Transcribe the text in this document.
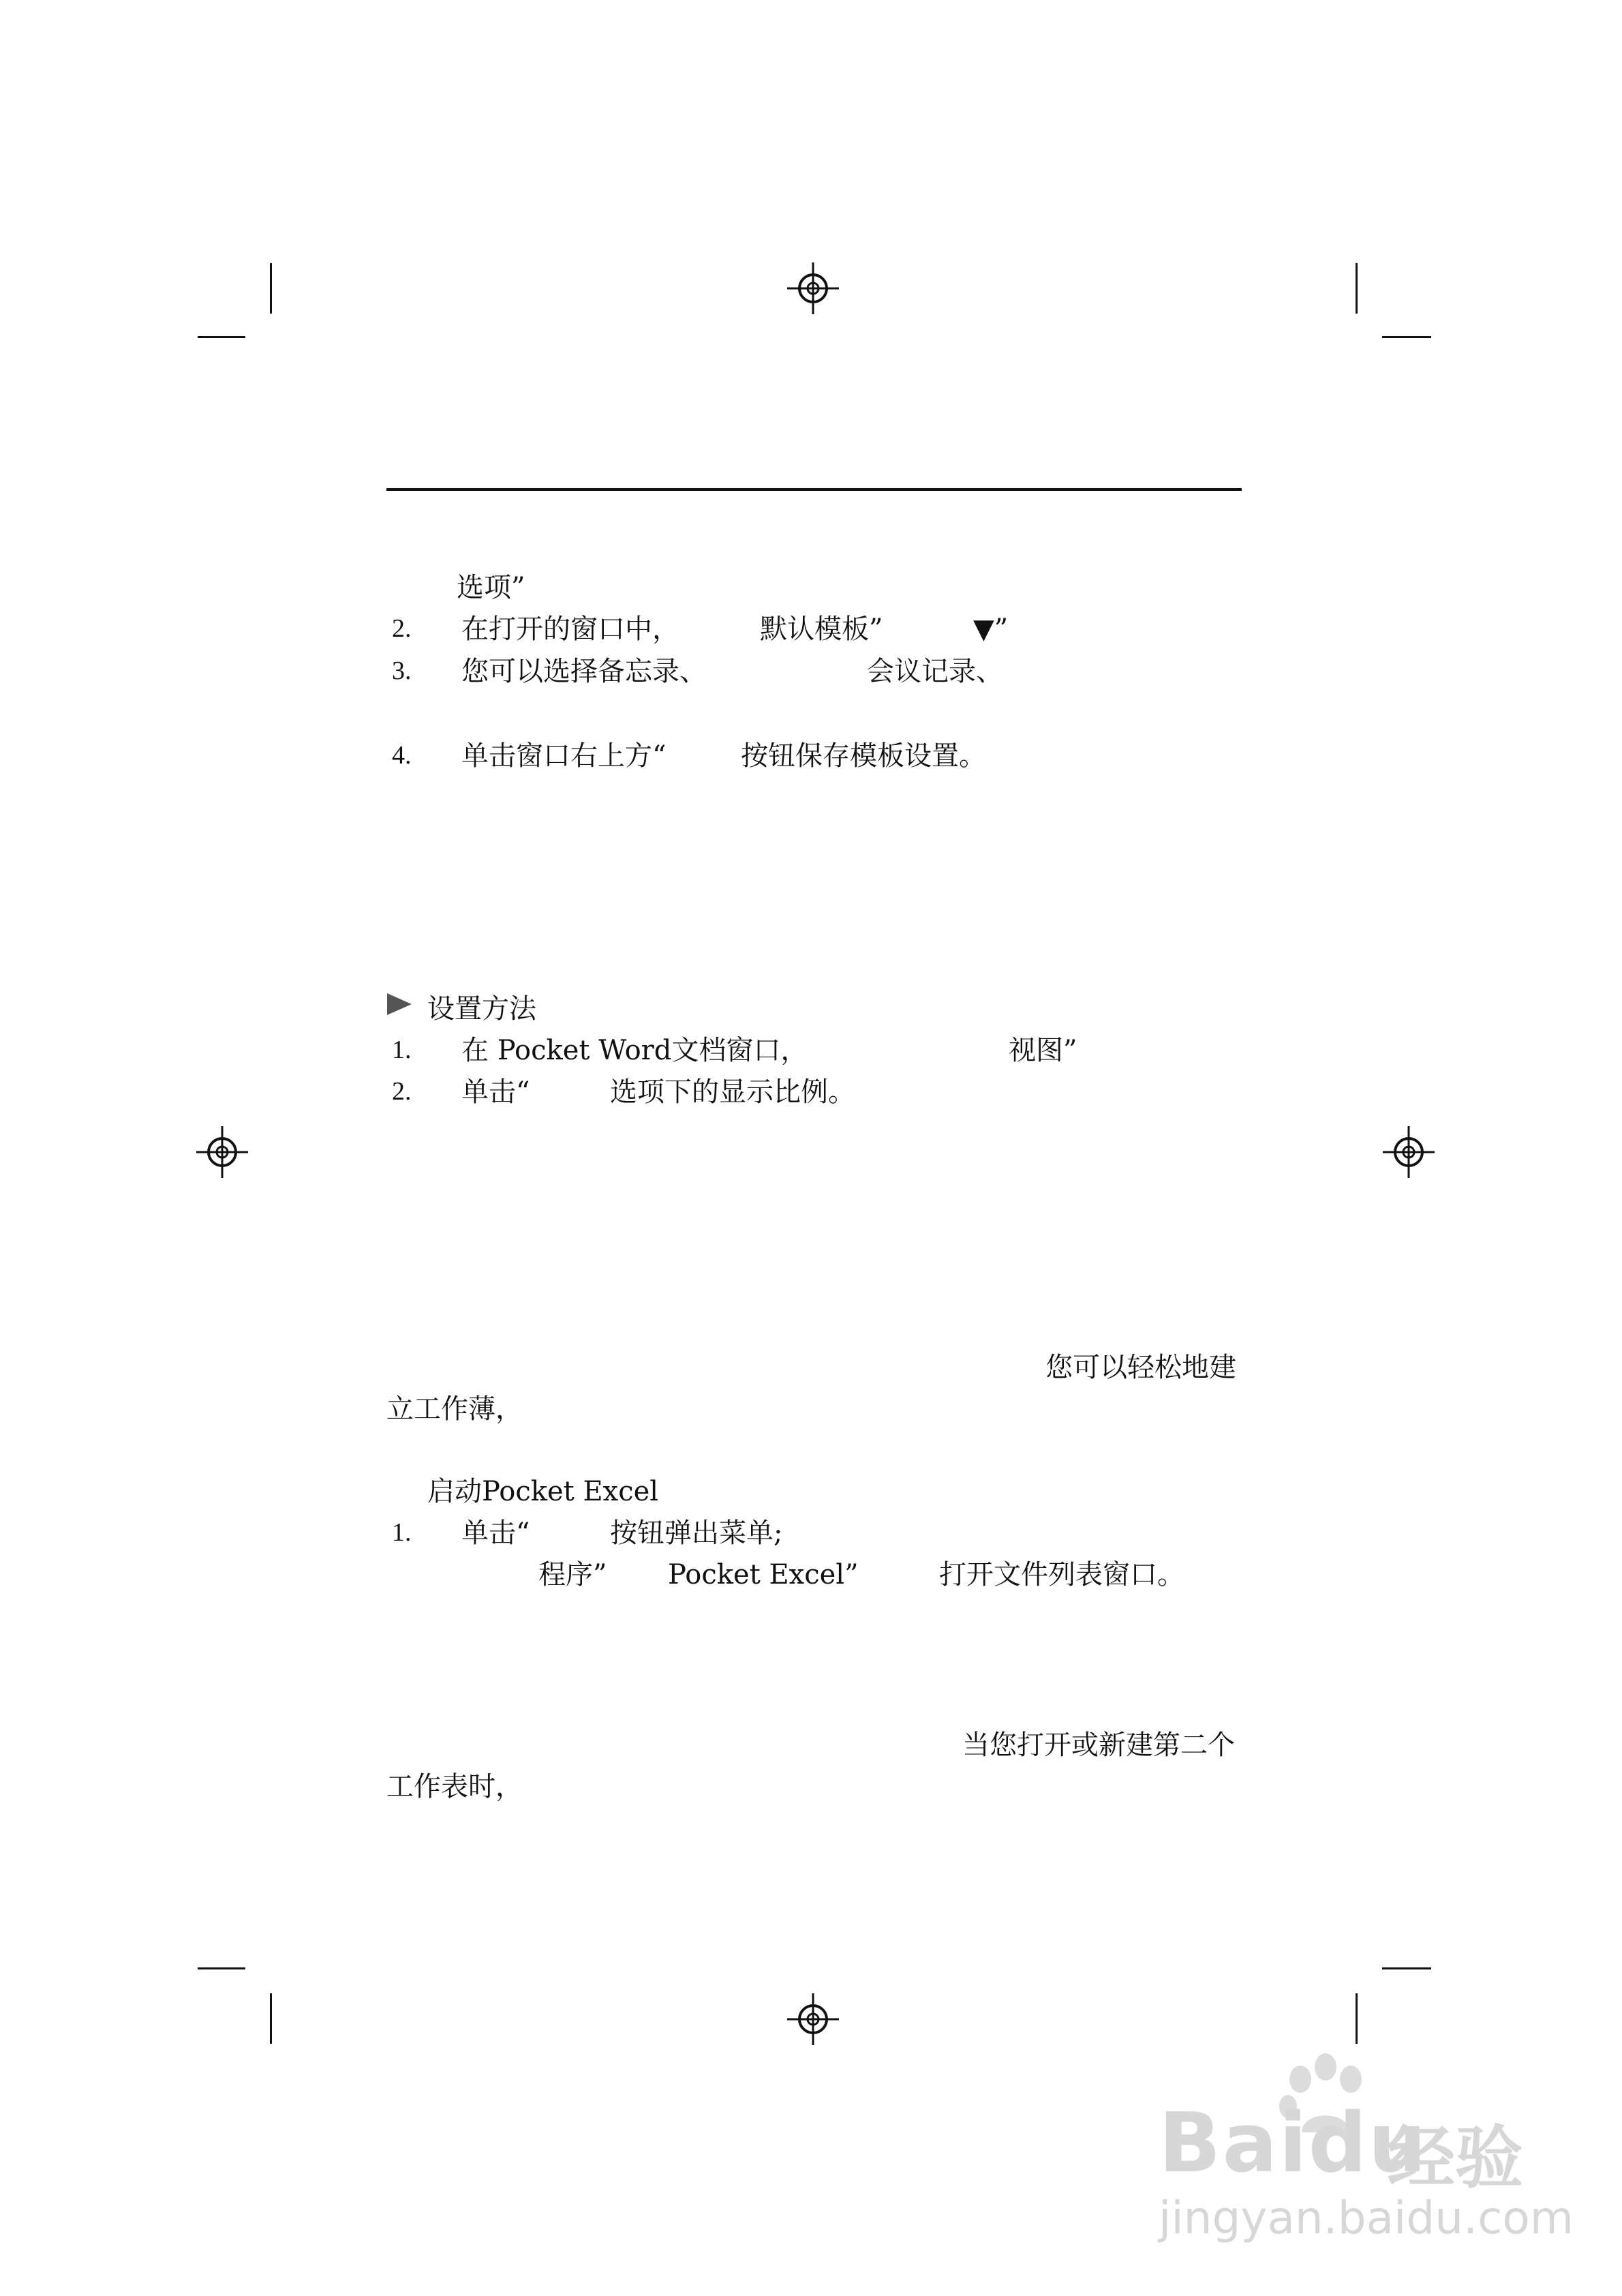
选项”
2. 在打开的窗口中，	默认模板”	▼”
3. 您可以选择备忘录、	会议记录、
4. 单击窗口右上方“	按钮保存模板设置。
设置方法
1. 在 Pocket Word文档窗口，	视图”
2. 单击“	选项下的显示比例。
您可以轻松地建
立工作薄，
启动Pocket Excel
1. 单击“	按钮弹出菜单;
程序” Pocket Excel”	打开文件列表窗口。
当您打开或新建第二个
工作表时，
Baidu
经验
jingyan.baidu.com
